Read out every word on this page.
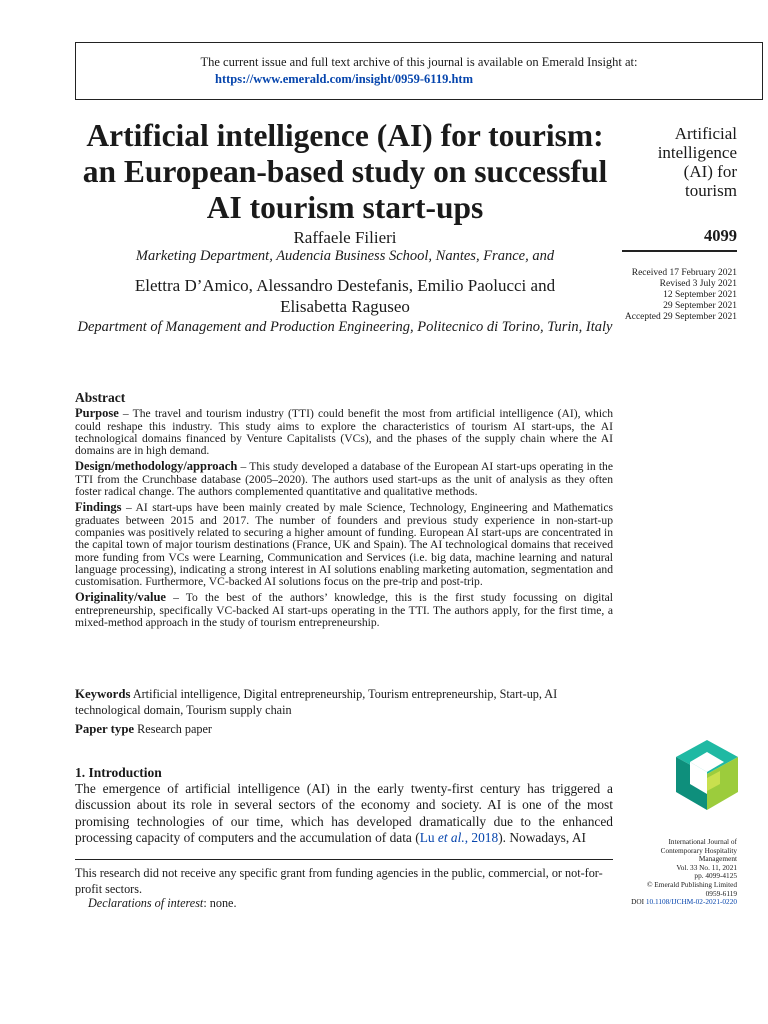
The current issue and full text archive of this journal is available on Emerald Insight at:
https://www.emerald.com/insight/0959-6119.htm
Artificial intelligence (AI) for tourism: an European-based study on successful AI tourism start-ups
Raffaele Filieri
Marketing Department, Audencia Business School, Nantes, France, and
Elettra D’Amico, Alessandro Destefanis, Emilio Paolucci and
Elisabetta Raguseo
Department of Management and Production Engineering, Politecnico di Torino, Turin, Italy
Artificial
intelligence
(AI) for
tourism
4099
Received 17 February 2021
Revised 3 July 2021
12 September 2021
29 September 2021
Accepted 29 September 2021
Abstract

Purpose – The travel and tourism industry (TTI) could benefit the most from artificial intelligence (AI), which could reshape this industry. This study aims to explore the characteristics of tourism AI start-ups, the AI technological domains financed by Venture Capitalists (VCs), and the phases of the supply chain where the AI domains are in high demand.

Design/methodology/approach – This study developed a database of the European AI start-ups operating in the TTI from the Crunchbase database (2005–2020). The authors used start-ups as the unit of analysis as they often foster radical change. The authors complemented quantitative and qualitative methods.

Findings – AI start-ups have been mainly created by male Science, Technology, Engineering and Mathematics graduates between 2015 and 2017. The number of founders and previous study experience in non-start-up companies was positively related to securing a higher amount of funding. European AI start-ups are concentrated in the capital town of major tourism destinations (France, UK and Spain). The AI technological domains that received more funding from VCs were Learning, Communication and Services (i.e. big data, machine learning and natural language processing), indicating a strong interest in AI solutions enabling marketing automation, segmentation and customisation. Furthermore, VC-backed AI solutions focus on the pre-trip and post-trip.

Originality/value – To the best of the authors’ knowledge, this is the first study focussing on digital entrepreneurship, specifically VC-backed AI start-ups operating in the TTI. The authors apply, for the first time, a mixed-method approach in the study of tourism entrepreneurship.

Keywords Artificial intelligence, Digital entrepreneurship, Tourism entrepreneurship, Start-up, AI technological domain, Tourism supply chain
Paper type Research paper
1. Introduction
The emergence of artificial intelligence (AI) in the early twenty-first century has triggered a discussion about its role in several sectors of the economy and society. AI is one of the most promising technologies of our time, which has developed dramatically due to the enhanced processing capacity of computers and the accumulation of data (Lu et al., 2018). Nowadays, AI
This research did not receive any specific grant from funding agencies in the public, commercial, or not-for-profit sectors.
Declarations of interest: none.
International Journal of
Contemporary Hospitality
Management
Vol. 33 No. 11, 2021
pp. 4099-4125
© Emerald Publishing Limited
0959-6119
DOI 10.1108/IJCHM-02-2021-0220
